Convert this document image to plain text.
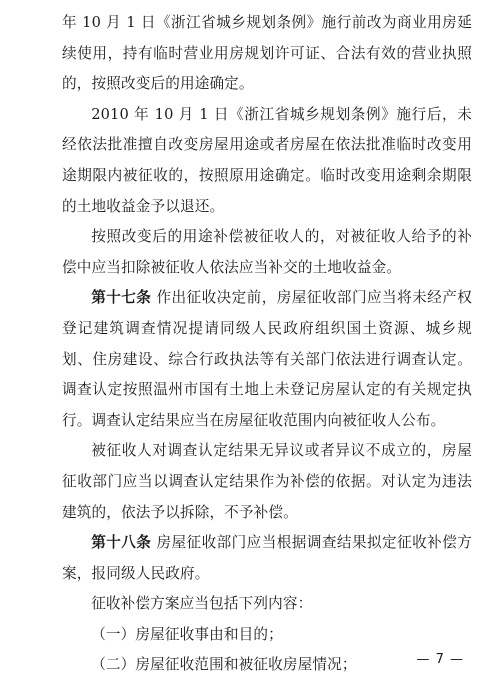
年 10 月 1 日《浙江省城乡规划条例》施行前改为商业用房延续使用，持有临时营业用房规划许可证、合法有效的营业执照的，按照改变后的用途确定。

2010 年 10 月 1 日《浙江省城乡规划条例》施行后，未经依法批准擅自改变房屋用途或者房屋在依法批准临时改变用途期限内被征收的，按照原用途确定。临时改变用途剩余期限的土地收益金予以退还。

按照改变后的用途补偿被征收人的，对被征收人给予的补偿中应当扣除被征收人依法应当补交的土地收益金。

第十七条 作出征收决定前，房屋征收部门应当将未经产权登记建筑调查情况提请同级人民政府组织国土资源、城乡规划、住房建设、综合行政执法等有关部门依法进行调查认定。调查认定按照温州市国有土地上未登记房屋认定的有关规定执行。调查认定结果应当在房屋征收范围内向被征收人公布。

被征收人对调查认定结果无异议或者异议不成立的，房屋征收部门应当以调查认定结果作为补偿的依据。对认定为违法建筑的，依法予以拆除，不予补偿。

第十八条 房屋征收部门应当根据调查结果拟定征收补偿方案，报同级人民政府。

征收补偿方案应当包括下列内容：

（一）房屋征收事由和目的；

（二）房屋征收范围和被征收房屋情况；	— 7 —
